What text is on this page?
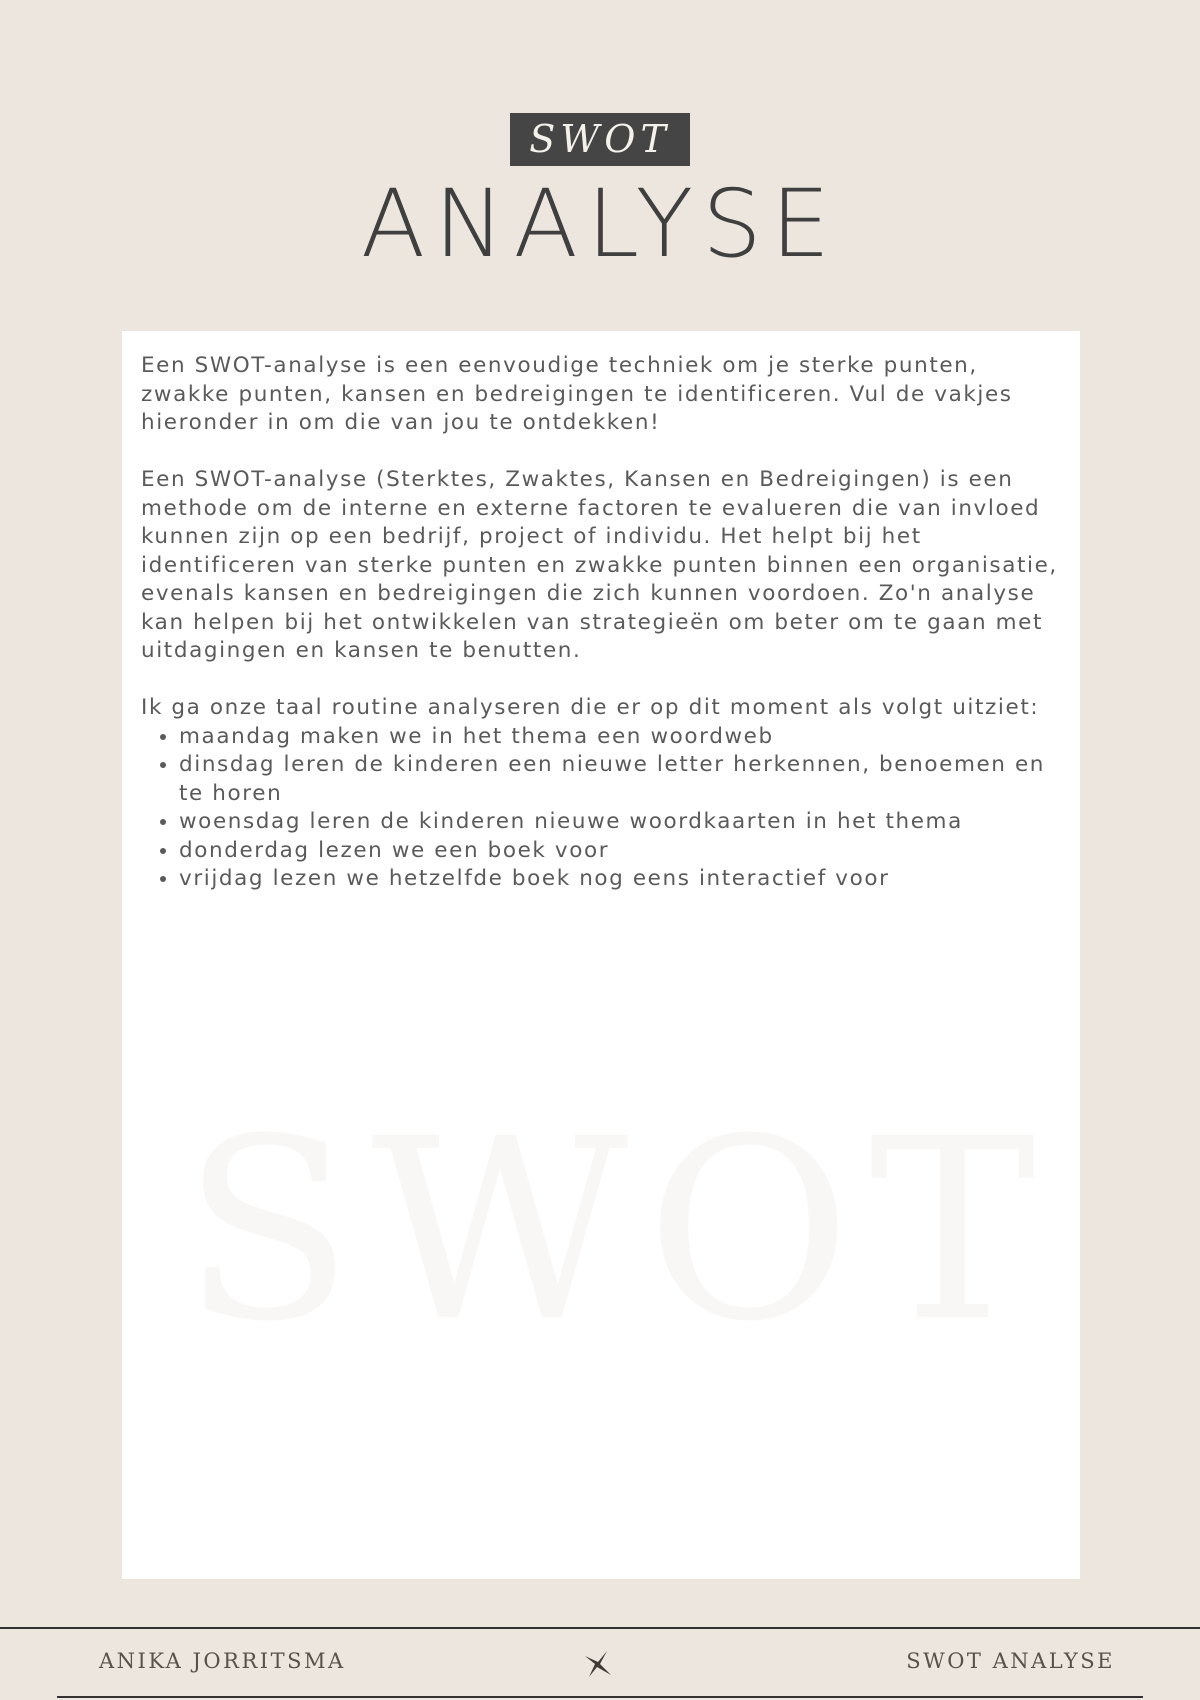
SWOT
ANALYSE
SWOT

Een SWOT-analyse is een eenvoudige techniek om je sterke punten, zwakke punten, kansen en bedreigingen te identificeren. Vul de vakjes hieronder in om die van jou te ontdekken!

Een SWOT-analyse (Sterktes, Zwaktes, Kansen en Bedreigingen) is een methode om de interne en externe factoren te evalueren die van invloed kunnen zijn op een bedrijf, project of individu. Het helpt bij het identificeren van sterke punten en zwakke punten binnen een organisatie, evenals kansen en bedreigingen die zich kunnen voordoen. Zo'n analyse kan helpen bij het ontwikkelen van strategieën om beter om te gaan met uitdagingen en kansen te benutten.

Ik ga onze taal routine analyseren die er op dit moment als volgt uitziet:

• maandag maken we in het thema een woordweb
• dinsdag leren de kinderen een nieuwe letter herkennen, benoemen en te horen
• woensdag leren de kinderen nieuwe woordkaarten in het thema
• donderdag lezen we een boek voor
• vrijdag lezen we hetzelfde boek nog eens interactief voor
ANIKA JORRITSMA	SWOT ANALYSE
